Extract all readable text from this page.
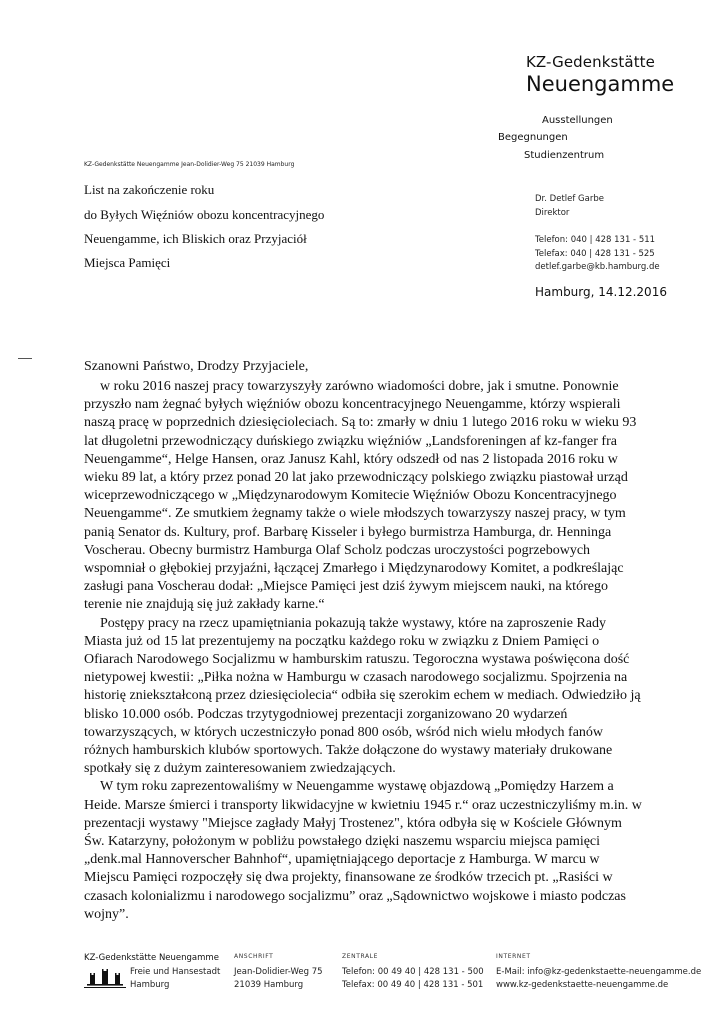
KZ-Gedenkstätte
Neuengamme
Ausstellungen
Begegnungen
Studienzentrum
KZ-Gedenkstätte Neuengamme Jean-Dolidier-Weg 75 21039 Hamburg
List na zakończenie roku
do Byłych Więźniów obozu koncentracyjnego
Neuengamme, ich Bliskich oraz Przyjaciół
Miejsca Pamięci
Dr. Detlef Garbe
Direktor
Telefon: 040 | 428 131 - 511
Telefax: 040 | 428 131 - 525
detlef.garbe@kb.hamburg.de
Hamburg, 14.12.2016
Szanowni Państwo, Drodzy Przyjaciele,

w roku 2016 naszej pracy towarzyszyły zarówno wiadomości dobre, jak i smutne. Ponownie przyszło nam żegnać byłych więźniów obozu koncentracyjnego Neuengamme, którzy wspierali naszą pracę w poprzednich dziesięcioleciach. Są to: zmarły w dniu 1 lutego 2016 roku w wieku 93 lat długoletni przewodniczący duńskiego związku więźniów „Landsforeningen af kz-fanger fra Neuengamme“, Helge Hansen, oraz Janusz Kahl, który odszedł od nas 2 listopada 2016 roku w wieku 89 lat, a który przez ponad 20 lat jako przewodniczący polskiego związku piastował urząd wiceprzewodniczącego w „Międzynarodowym Komitecie Więźniów Obozu Koncentracyjnego Neuengamme“. Ze smutkiem żegnamy także o wiele młodszych towarzyszy naszej pracy, w tym panią Senator ds. Kultury, prof. Barbarę Kisseler i byłego burmistrza Hamburga, dr. Henninga Voscherau. Obecny burmistrz Hamburga Olaf Scholz podczas uroczystości pogrzebowych wspomniał o głębokiej przyjaźni, łączącej Zmarłego i Międzynarodowy Komitet, a podkreślając zasługi pana Voscherau dodał: „Miejsce Pamięci jest dziś żywym miejscem nauki, na którego terenie nie znajdują się już zakłady karne.“

Postępy pracy na rzecz upamiętniania pokazują także wystawy, które na zaproszenie Rady Miasta już od 15 lat prezentujemy na początku każdego roku w związku z Dniem Pamięci o Ofiarach Narodowego Socjalizmu w hamburskim ratuszu. Tegoroczna wystawa poświęcona dość nietypowej kwestii: „Piłka nożna w Hamburgu w czasach narodowego socjalizmu. Spojrzenia na historię zniekształconą przez dziesięciolecia“ odbiła się szerokim echem w mediach. Odwiedziło ją blisko 10.000 osób. Podczas trzytygodniowej prezentacji zorganizowano 20 wydarzeń towarzyszących, w których uczestniczyło ponad 800 osób, wśród nich wielu młodych fanów różnych hamburskich klubów sportowych. Także dołączone do wystawy materiały drukowane spotkały się z dużym zainteresowaniem zwiedzających.

W tym roku zaprezentowaliśmy w Neuengamme wystawę objazdową „Pomiędzy Harzem a Heide. Marsze śmierci i transporty likwidacyjne w kwietniu 1945 r.“ oraz uczestniczyliśmy m.in. w prezentacji wystawy "Miejsce zagłady Małyj Trostenez", która odbyła się w Kościele Głównym Św. Katarzyny, położonym w pobliżu powstałego dzięki naszemu wsparciu miejsca pamięci „denk.mal Hannoverscher Bahnhof“, upamiętniającego deportacje z Hamburga. W marcu w Miejscu Pamięci rozpoczęły się dwa projekty, finansowane ze środków trzecich pt. „Rasiści w czasach kolonializmu i narodowego socjalizmu” oraz „Sądownictwo wojskowe i miasto podczas wojny”.

KZ-Gedenkstätte Neuengamme
Freie und Hansestadt
Hamburg
ANSCHRIFT
Jean-Dolidier-Weg 75
21039 Hamburg
ZENTRALE
Telefon: 00 49 40 | 428 131 - 500
Telefax: 00 49 40 | 428 131 - 501
INTERNET
E-Mail: info@kz-gedenkstaette-neuengamme.de
www.kz-gedenkstaette-neuengamme.de
